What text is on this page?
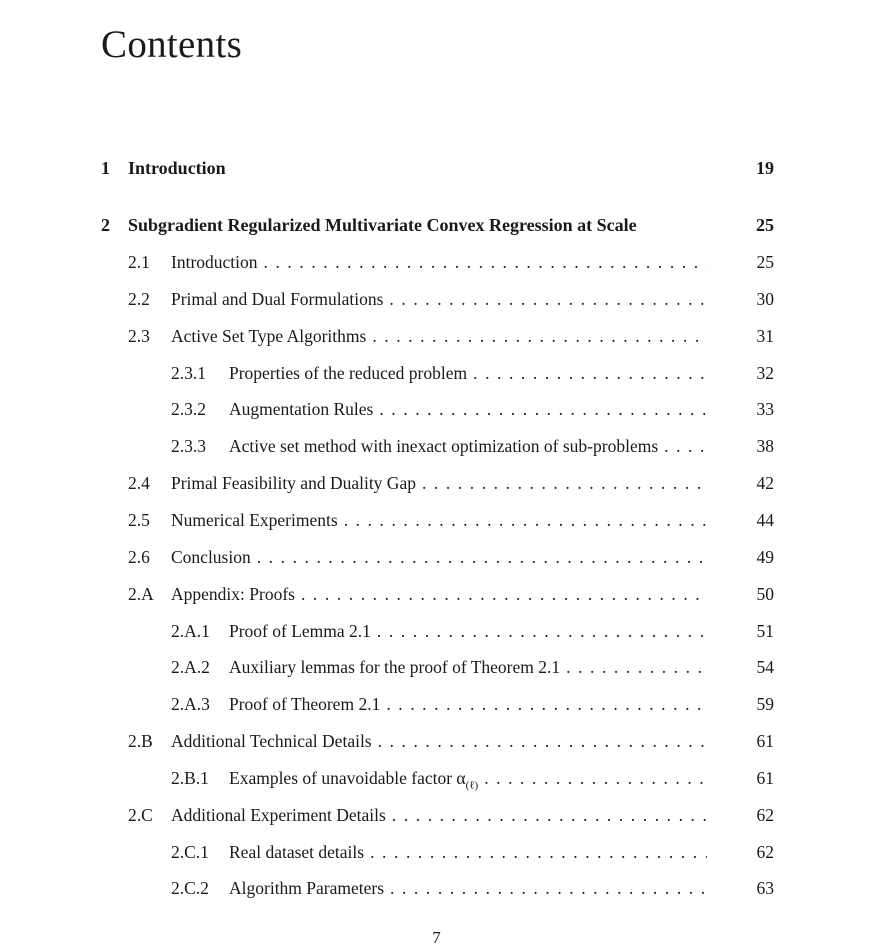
Contents
1	Introduction	19
2	Subgradient Regularized Multivariate Convex Regression at Scale	25
2.1	Introduction . . .	25
2.2	Primal and Dual Formulations . . .	30
2.3	Active Set Type Algorithms . . .	31
2.3.1	Properties of the reduced problem . . .	32
2.3.2	Augmentation Rules . . .	33
2.3.3	Active set method with inexact optimization of sub-problems . . .	38
2.4	Primal Feasibility and Duality Gap . . .	42
2.5	Numerical Experiments . . .	44
2.6	Conclusion . . .	49
2.A Appendix: Proofs . . .	50
2.A.1	Proof of Lemma 2.1 . . .	51
2.A.2	Auxiliary lemmas for the proof of Theorem 2.1 . . .	54
2.A.3	Proof of Theorem 2.1 . . .	59
2.B	Additional Technical Details . . .	61
2.B.1	Examples of unavoidable factor $\alpha_{(\ell)}$ . . .	61
2.C	Additional Experiment Details . . .	62
2.C.1	Real dataset details . . .	62
2.C.2	Algorithm Parameters . . .	63
7
